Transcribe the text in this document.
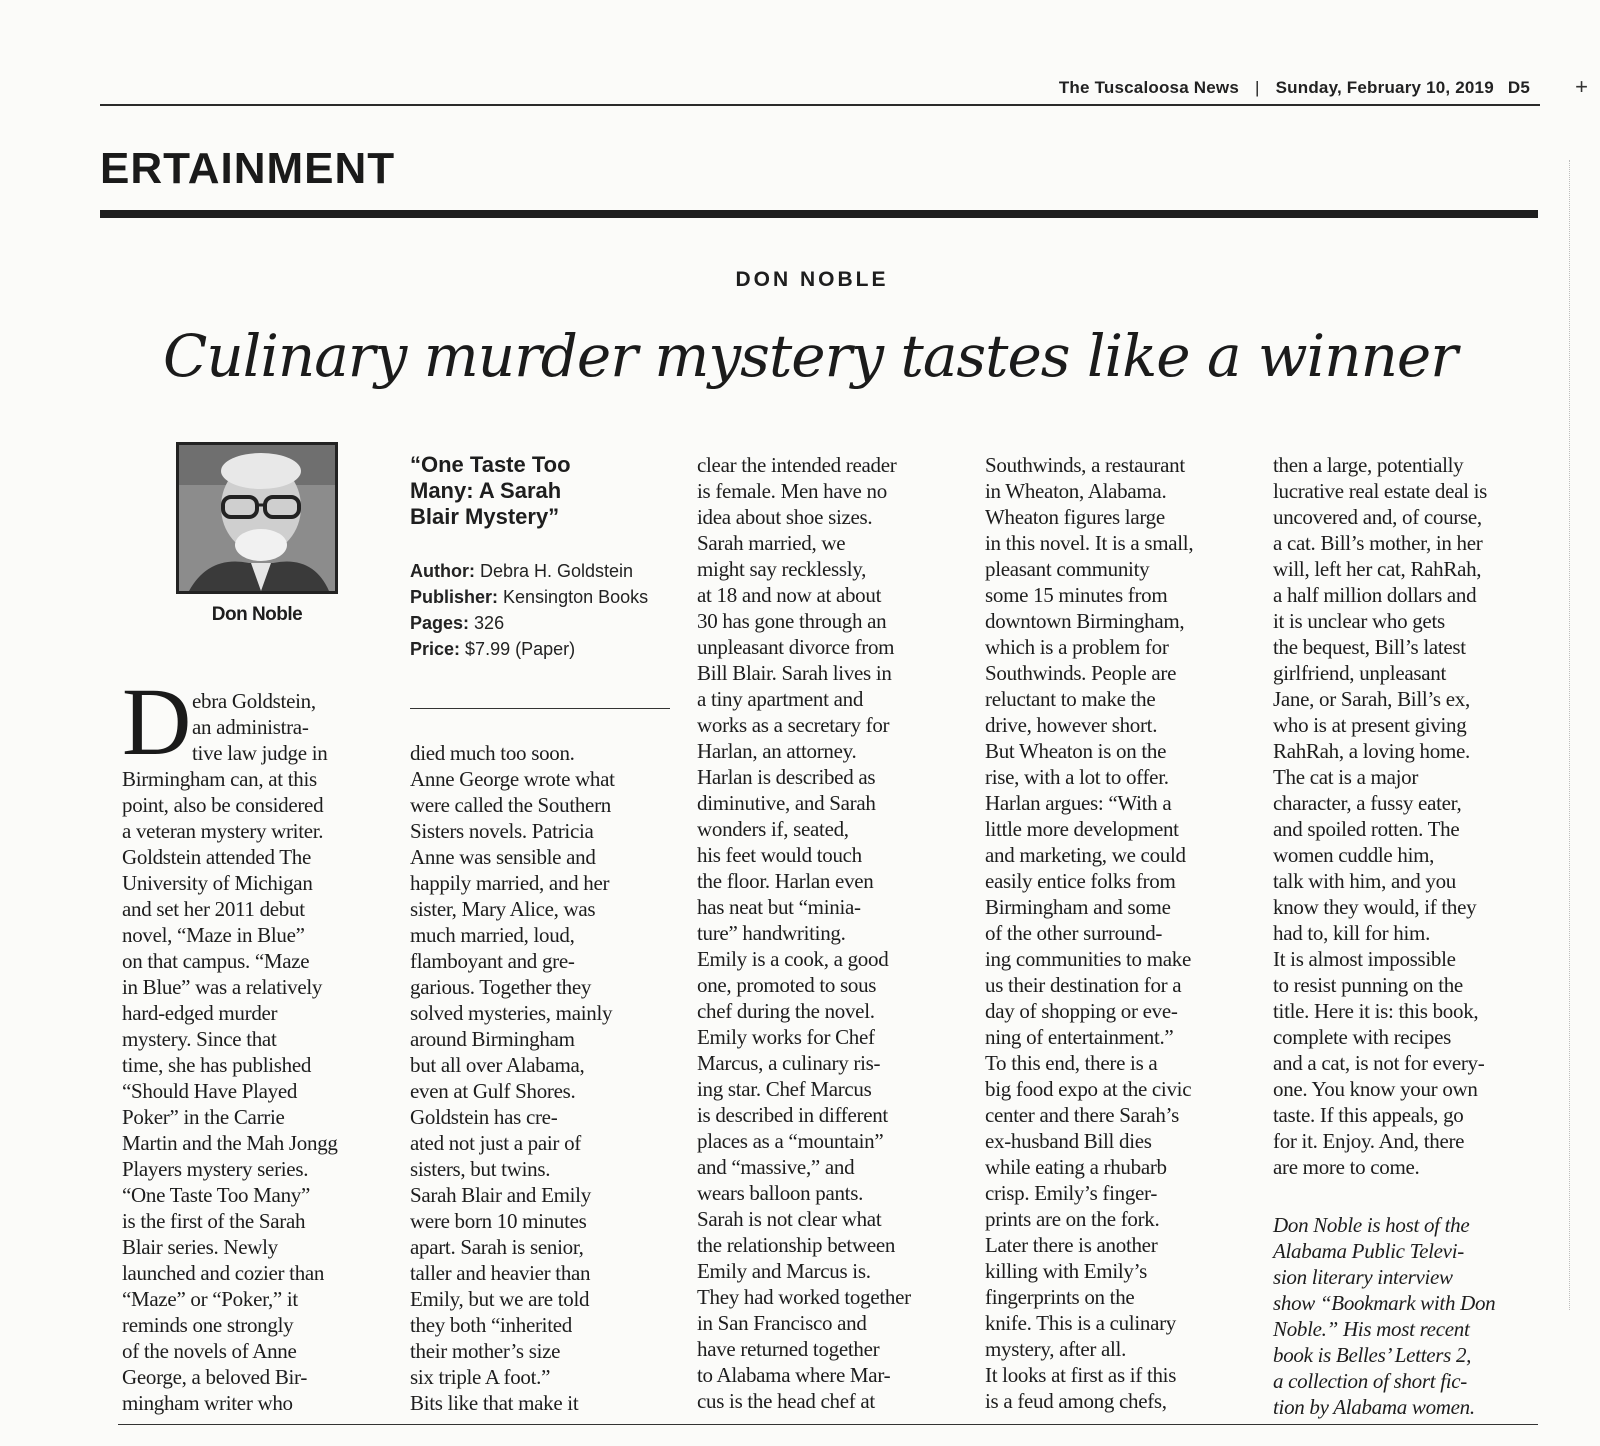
The Tuscaloosa News | Sunday, February 10, 2019 D5 +
ERTAINMENT
DON NOBLE
Culinary murder mystery tastes like a winner
Don Noble
“One Taste Too
Many: A Sarah
Blair Mystery”
Author: Debra H. Goldstein
Publisher: Kensington Books
Pages: 326
Price: $7.99 (Paper)
D ebra Goldstein,
an administra-
tive law judge in
Birmingham can, at this
point, also be considered
a veteran mystery writer.
Goldstein attended The
University of Michigan
and set her 2011 debut
novel, “Maze in Blue”
on that campus. “Maze
in Blue” was a relatively
hard-edged murder
mystery. Since that
time, she has published
“Should Have Played
Poker” in the Carrie
Martin and the Mah Jongg
Players mystery series.
“One Taste Too Many”
is the first of the Sarah
Blair series. Newly
launched and cozier than
“Maze” or “Poker,” it
reminds one strongly
of the novels of Anne
George, a beloved Bir-
mingham writer who
died much too soon.
Anne George wrote what
were called the Southern
Sisters novels. Patricia
Anne was sensible and
happily married, and her
sister, Mary Alice, was
much married, loud,
flamboyant and gre-
garious. Together they
solved mysteries, mainly
around Birmingham
but all over Alabama,
even at Gulf Shores.
Goldstein has cre-
ated not just a pair of
sisters, but twins.
Sarah Blair and Emily
were born 10 minutes
apart. Sarah is senior,
taller and heavier than
Emily, but we are told
they both “inherited
their mother’s size
six triple A foot.”
Bits like that make it
clear the intended reader
is female. Men have no
idea about shoe sizes.
Sarah married, we
might say recklessly,
at 18 and now at about
30 has gone through an
unpleasant divorce from
Bill Blair. Sarah lives in
a tiny apartment and
works as a secretary for
Harlan, an attorney.
Harlan is described as
diminutive, and Sarah
wonders if, seated,
his feet would touch
the floor. Harlan even
has neat but “minia-
ture” handwriting.
Emily is a cook, a good
one, promoted to sous
chef during the novel.
Emily works for Chef
Marcus, a culinary ris-
ing star. Chef Marcus
is described in different
places as a “mountain”
and “massive,” and
wears balloon pants.
Sarah is not clear what
the relationship between
Emily and Marcus is.
They had worked together
in San Francisco and
have returned together
to Alabama where Mar-
cus is the head chef at
Southwinds, a restaurant
in Wheaton, Alabama.
Wheaton figures large
in this novel. It is a small,
pleasant community
some 15 minutes from
downtown Birmingham,
which is a problem for
Southwinds. People are
reluctant to make the
drive, however short.
But Wheaton is on the
rise, with a lot to offer.
Harlan argues: “With a
little more development
and marketing, we could
easily entice folks from
Birmingham and some
of the other surround-
ing communities to make
us their destination for a
day of shopping or eve-
ning of entertainment.”
To this end, there is a
big food expo at the civic
center and there Sarah’s
ex-husband Bill dies
while eating a rhubarb
crisp. Emily’s finger-
prints are on the fork.
Later there is another
killing with Emily’s
fingerprints on the
knife. This is a culinary
mystery, after all.
It looks at first as if this
is a feud among chefs,
then a large, potentially
lucrative real estate deal is
uncovered and, of course,
a cat. Bill’s mother, in her
will, left her cat, RahRah,
a half million dollars and
it is unclear who gets
the bequest, Bill’s latest
girlfriend, unpleasant
Jane, or Sarah, Bill’s ex,
who is at present giving
RahRah, a loving home.
The cat is a major
character, a fussy eater,
and spoiled rotten. The
women cuddle him,
talk with him, and you
know they would, if they
had to, kill for him.
It is almost impossible
to resist punning on the
title. Here it is: this book,
complete with recipes
and a cat, is not for every-
one. You know your own
taste. If this appeals, go
for it. Enjoy. And, there
are more to come.
Don Noble is host of the
Alabama Public Televi-
sion literary interview
show “Bookmark with Don
Noble.” His most recent
book is Belles’ Letters 2,
a collection of short fic-
tion by Alabama women.
